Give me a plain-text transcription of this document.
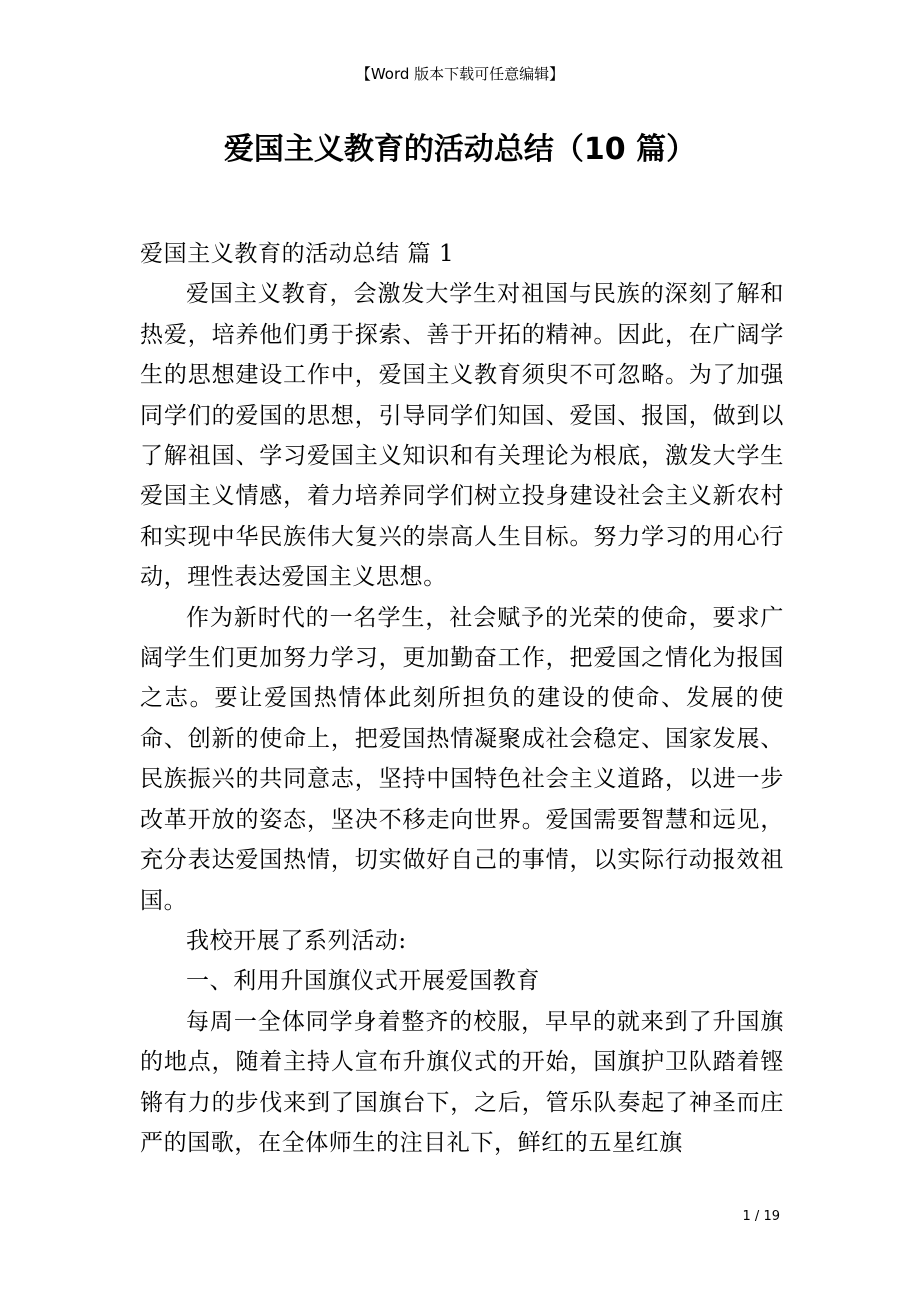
【Word 版本下载可任意编辑】
爱国主义教育的活动总结（10 篇）

爱国主义教育的活动总结 篇 1

爱国主义教育，会激发大学生对祖国与民族的深刻了解和热爱，培养他们勇于探索、善于开拓的精神。因此，在广阔学生的思想建设工作中，爱国主义教育须臾不可忽略。为了加强同学们的爱国的思想，引导同学们知国、爱国、报国，做到以了解祖国、学习爱国主义知识和有关理论为根底，激发大学生爱国主义情感，着力培养同学们树立投身建设社会主义新农村和实现中华民族伟大复兴的崇高人生目标。努力学习的用心行动，理性表达爱国主义思想。

作为新时代的一名学生，社会赋予的光荣的使命，要求广阔学生们更加努力学习，更加勤奋工作，把爱国之情化为报国之志。要让爱国热情体此刻所担负的建设的使命、发展的使命、创新的使命上，把爱国热情凝聚成社会稳定、国家发展、民族振兴的共同意志，坚持中国特色社会主义道路，以进一步改革开放的姿态，坚决不移走向世界。爱国需要智慧和远见，充分表达爱国热情，切实做好自己的事情，以实际行动报效祖国。

我校开展了系列活动:

一、利用升国旗仪式开展爱国教育

每周一全体同学身着整齐的校服，早早的就来到了升国旗的地点，随着主持人宣布升旗仪式的开始，国旗护卫队踏着铿锵有力的步伐来到了国旗台下，之后，管乐队奏起了神圣而庄严的国歌，在全体师生的注目礼下，鲜红的五星红旗

1 / 19
